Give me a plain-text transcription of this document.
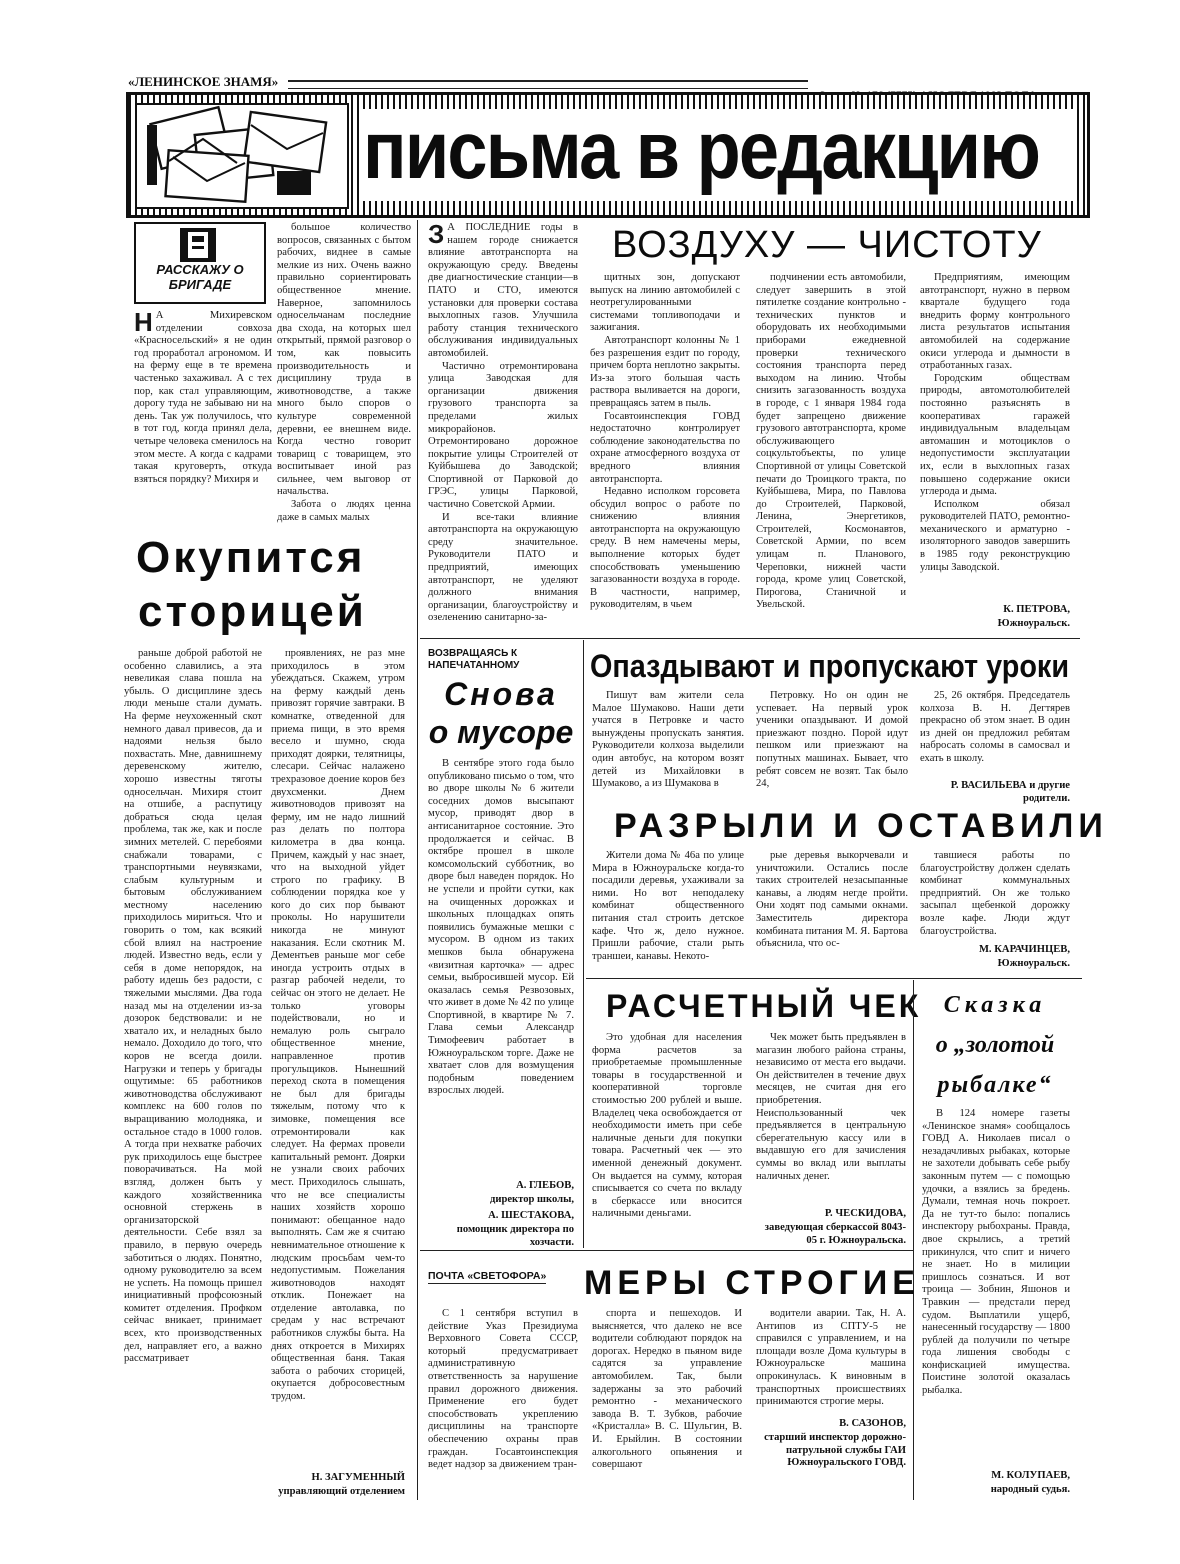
«ЛЕНИНСКОЕ ЗНАМЯ»
письма в редакцию
РАССКАЖУ О БРИГАДЕ
Н А Михиревском отделении совхоза «Красносельский» я не один год проработал агрономом. И на ферму еще в те времена частенько захаживал. А с тех пор, как стал управляющим, дорогу туда не забываю ни на день. Так уж получилось, что в тот год, когда принял дела, четыре человека сменилось на этом месте. А когда с кадрами такая круговерть, откуда взяться порядку? Михиря и

большое количество вопросов, связанных с бытом рабочих, виднее в самые мелкие из них. Очень важно правильно сориентировать общественное мнение. Наверное, запомнилось односельчанам последние два схода, на которых шел открытый, прямой разговор о том, как повысить производительность и дисциплину труда в животноводстве, а также много было споров о культуре современной деревни, ее внешнем виде. Когда честно говорит товарищ с товарищем, это воспитывает иной раз сильнее, чем выговор от начальства.

Забота о людях ценна даже в самых малых

Окупится
сторицей

раньше доброй работой не особенно славились, а эта невеликая слава пошла на убыль. О дисциплине здесь люди меньше стали думать. На ферме неухоженный скот немного давал привесов, да и надоями нельзя было похвастать. Мне, давнишнему деревенскому жителю, хорошо известны тяготы односельчан. Михиря стоит на отшибе, а распутицу добраться сюда целая проблема, так же, как и после зимних метелей. С перебоями снабжали товарами, с транспортными неувязками, слабым культурным и бытовым обслуживанием местному населению приходилось мириться. Что и говорить о том, как всякий сбой влиял на настроение людей. Известно ведь, если у себя в доме непорядок, на работу идешь без радости, с тяжелыми мыслями. Два года назад мы на отделении из-за дозорок бедствовали: и не хватало их, и неладных было немало. Доходило до того, что коров не всегда доили. Нагрузки и теперь у бригады ощутимые: 65 работников животноводства обслуживают комплекс на 600 голов по выращиванию молодняка, и остальное стадо в 1000 голов. А тогда при нехватке рабочих рук приходилось еще быстрее поворачиваться. На мой взгляд, должен быть у каждого хозяйственника основной стержень в организаторской деятельности. Себе взял за правило, в первую очередь заботиться о людях. Понятно, одному руководителю за всем не успеть. На помощь пришел инициативный профсоюзный комитет отделения. Профком сейчас вникает, принимает всех, кто производственных дел, направляет его, а важно рассматривает

проявлениях, не раз мне приходилось в этом убеждаться. Скажем, утром на ферму каждый день привозят горячие завтраки. В комнатке, отведенной для приема пищи, в это время весело и шумно, сюда приходят доярки, телятницы, слесари. Сейчас налажено трехразовое доение коров без двухсменки. Днем животноводов привозят на ферму, им не надо лишний раз делать по полтора километра в два конца. Причем, каждый у нас знает, что на выходной уйдет строго по графику. В соблюдении порядка кое у кого до сих пор бывают проколы. Но нарушители никогда не минуют наказания. Если скотник М. Дементьев раньше мог себе иногда устроить отдых в разгар рабочей недели, то сейчас он этого не делает. Не только уговоры подействовали, но и немалую роль сыграло общественное мнение, направленное против прогульщиков. Нынешний переход скота в помещения не был для бригады тяжелым, потому что к зимовке, помещения все отремонтировали как следует. На фермах провели капитальный ремонт. Доярки не узнали своих рабочих мест. Приходилось слышать, что не все специалисты наших хозяйств хорошо понимают: обещанное надо выполнять. Сам же я считаю невнимательное отношение к людским просьбам чем-то недопустимым. Пожелания животноводов находят отклик. Понежает на отделение автолавка, по средам у нас встречают работников службы быта. На днях откроется в Михирях общественная баня. Такая забота о рабочих сторицей, окупается добросовестным трудом.

Н. ЗАГУМЕННЫЙ
управляющий отделением
ВОЗДУХУ — ЧИСТОТУ
З А ПОСЛЕДНИЕ годы в нашем городе снижается влияние автотранспорта на окружающую среду. Введены две диагностические станции—в ПАТО и СТО, имеются установки для проверки состава выхлопных газов. Улучшила работу станция технического обслуживания индивидуальных автомобилей.

Частично отремонтирована улица Заводская для организации движения грузового транспорта за пределами жилых микрорайонов. Отремонтировано дорожное покрытие улицы Строителей от Куйбышева до Заводской; Спортивной от Парковой до ГРЭС, улицы Парковой, частично Советской Армии.

И все-таки влияние автотранспорта на окружающую среду значительное. Руководители ПАТО и предприятий, имеющих автотранспорт, не уделяют должного внимания организации, благоустройству и озеленению санитарно-за-

щитных зон, допускают выпуск на линию автомобилей с неотрегулированными системами топливоподачи и зажигания.

Автотранспорт колонны № 1 без разрешения ездит по городу, причем борта неплотно закрыты. Из-за этого большая часть раствора выливается на дороги, превращаясь затем в пыль.

Госавтоинспекция ГОВД недостаточно контролирует соблюдение законодательства по охране атмосферного воздуха от вредного влияния автотранспорта.

Недавно исполком горсовета обсудил вопрос о работе по снижению влияния автотранспорта на окружающую среду. В нем намечены меры, выполнение которых будет способствовать уменьшению загазованности воздуха в городе. В частности, например, руководителям, в чьем

подчинении есть автомобили, следует завершить в этой пятилетке создание контрольно - технических пунктов и оборудовать их необходимыми приборами ежедневной проверки технического состояния транспорта перед выходом на линию. Чтобы снизить загазованность воздуха в городе, с 1 января 1984 года будет запрещено движение грузового автотранспорта, кроме обслуживающего соцкультобъекты, по улице Спортивной от улицы Советской печати до Троицкого тракта, по Куйбышева, Мира, по Павлова до Строителей, Парковой, Ленина, Энергетиков, Строителей, Космонавтов, Советской Армии, по всем улицам п. Планового, Череповки, нижней части города, кроме улиц Советской, Пирогова, Станичной и Увельской.

Предприятиям, имеющим автотранспорт, нужно в первом квартале будущего года внедрить форму контрольного листа результатов испытания автомобилей на содержание окиси углерода и дымности в отработанных газах.

Городским обществам природы, автомотолюбителей постоянно разъяснять в кооперативах гаражей индивидуальным владельцам автомашин и мотоциклов о недопустимости эксплуатации их, если в выхлопных газах повышено содержание окиси углерода и дыма.

Исполком обязал руководителей ПАТО, ремонтно- механического и арматурно - изоляторного заводов завершить в 1985 году реконструкцию улицы Заводской.

К. ПЕТРОВА,
Южноуральск.
ВОЗВРАЩАЯСЬ К НАПЕЧАТАННОМУ
Снова
о мусоре

В сентябре этого года было опубликовано письмо о том, что во дворе школы № 6 жители соседних домов высыпают мусор, приводят двор в антисанитарное состояние. Это продолжается и сейчас. В октябре прошел в школе комсомольский субботник, во дворе был наведен порядок. Но не успели и пройти сутки, как на очищенных дорожках и школьных площадках опять появились бумажные мешки с мусором. В одном из таких мешков была обнаружена «визитная карточка» — адрес семьи, выбросившей мусор. Ей оказалась семья Резвозовых, что живет в доме № 42 по улице Спортивной, в квартире № 7. Глава семьи Александр Тимофеевич работает в Южноуральском торге. Даже не хватает слов для возмущения подобным поведением взрослых людей.

А. ГЛЕБОВ,
директор школы,
А. ШЕСТАКОВА,
помощник директора по хозчасти.
Опаздывают и пропускают уроки

Пишут вам жители села Малое Шумаково. Наши дети учатся в Петровке и часто вынуждены пропускать занятия. Руководители колхоза выделили один автобус, на котором возят детей из Михайловки в Шумаково, а из Шумакова в

Петровку. Но он один не успевает. На первый урок ученики опаздывают. И домой приезжают поздно. Порой идут пешком или приезжают на попутных машинах. Бывает, что ребят совсем не возят. Так было 24,

25, 26 октября. Председатель колхоза В. Н. Дегтярев прекрасно об этом знает. В один из дней он предложил ребятам набросать соломы в самосвал и ехать в школу.

Р. ВАСИЛЬЕВА и другие родители.
РАЗРЫЛИ И ОСТАВИЛИ

Жители дома № 46а по улице Мира в Южноуральске когда-то посадили деревья, ухаживали за ними. Но вот неподалеку комбинат общественного питания стал строить детское кафе. Что ж, дело нужное. Пришли рабочие, стали рыть траншеи, канавы. Некото-

рые деревья выкорчевали и уничтожили. Остались после таких строителей незасыпанные канавы, а людям негде пройти. Они ходят под самыми окнами. Заместитель директора комбината питания М. Я. Бартова объяснила, что ос-

тавшиеся работы по благоустройству должен сделать комбинат коммунальных предприятий. Он же только засыпал щебенкой дорожку возле кафе. Люди ждут благоустройства.

М. КАРАЧИНЦЕВ,
Южноуральск.
РАСЧЕТНЫЙ ЧЕК

Это удобная для населения форма расчетов за приобретаемые промышленные товары в государственной и кооперативной торговле стоимостью 200 рублей и выше. Владелец чека освобождается от необходимости иметь при себе наличные деньги для покупки товара. Расчетный чек — это именной денежный документ. Он выдается на сумму, которая списывается со счета по вкладу в сберкассе или вносится наличными деньгами.

Чек может быть предъявлен в магазин любого района страны, независимо от места его выдачи. Он действителен в течение двух месяцев, не считая дня его приобретения. Неиспользованный чек предъявляется в центральную сберегательную кассу или в выдавшую его для зачисления суммы во вклад или выплаты наличных денег.

Р. ЧЕСКИДОВА,
заведующая сберкассой 8043-05 г. Южноуральска.
Сказка
о „золотой
рыбалке“

В 124 номере газеты «Ленинское знамя» сообщалось ГОВД А. Николаев писал о незадачливых рыбаках, которые не захотели добывать себе рыбу законным путем — с помощью удочки, а взялись за бредень. Думали, темная ночь покроет. Да не тут-то было: попались инспектору рыбохраны. Правда, двое скрылись, а третий прикинулся, что спит и ничего не знает. Но в милиции пришлось сознаться. И вот троица — Зобнин, Яшонов и Травкин — предстали перед судом. Выплатили ущерб, нанесенный государству — 1800 рублей да получили по четыре года лишения свободы с конфискацией имущества. Поистине золотой оказалась рыбалка.

М. КОЛУПАЕВ,
народный судья.
ПОЧТА «СВЕТОФОРА» МЕРЫ СТРОГИЕ

С 1 сентября вступил в действие Указ Президиума Верховного Совета СССР, который предусматривает административную ответственность за нарушение правил дорожного движения. Применение его будет способствовать укреплению дисциплины на транспорте обеспечению охраны прав граждан. Госавтоинспекция ведет надзор за движением тран-

спорта и пешеходов. И выясняется, что далеко не все водители соблюдают порядок на дорогах. Нередко в пьяном виде садятся за управление автомобилем. Так, были задержаны за это рабочий ремонтно - механического завода В. Т. Зубков, рабочие «Кристалла» В. С. Шульгин, В. И. Ерыйлин. В состоянии алкогольного опьянения и совершают

водители аварии. Так, Н. А. Антипов из СПТУ-5 не справился с управлением, и на площади возле Дома культуры в Южноуральске машина опрокинулась. К виновным в транспортных происшествиях принимаются строгие меры.

В. САЗОНОВ,
старший инспектор дорожно-патрульной службы ГАИ Южноуральского ГОВД.
